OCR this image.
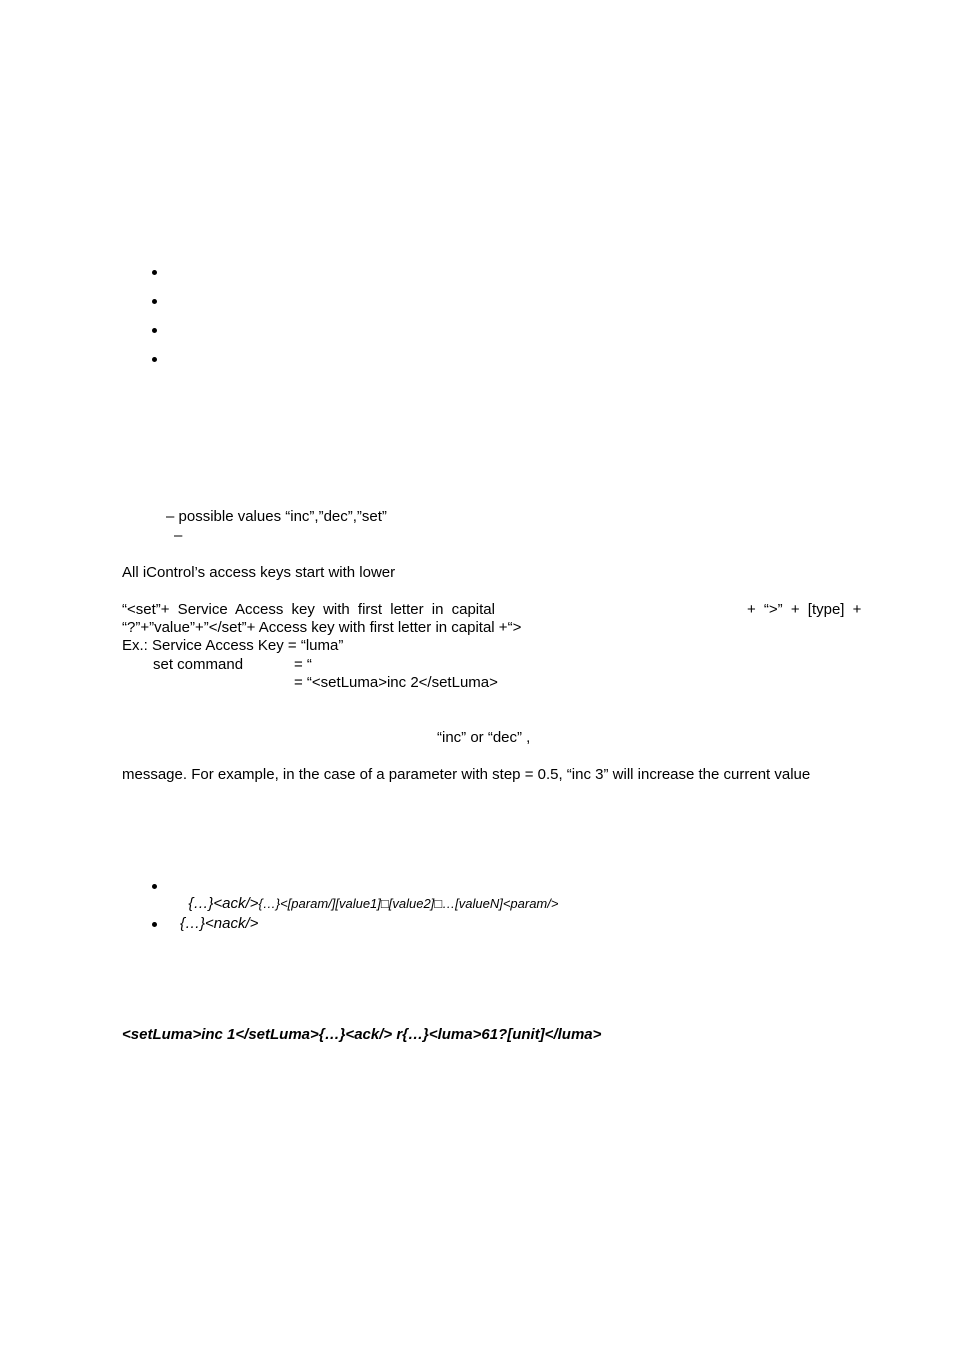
– possible values “inc”,”dec”,”set”
–
All iControl’s access keys start with lower
“<set”+ Service Access key with first letter in capital	+ “>” + [type] +
“?”+”value”+”</set”+ Access key with first letter in capital +“>
Ex.: Service Access Key = “luma”
set command	= “
= “<setLuma>inc 2</setLuma>
“inc” or “dec” ,
message. For example, in the case of a parameter with step = 0.5, “inc 3” will increase the current value

{…}<ack/>{…}<[param/][value1]□[value2]□…[valueN]<param/>

{…}<nack/>
<setLuma>inc 1</setLuma>{…}<ack/> r{…}<luma>61?[unit]</luma>
